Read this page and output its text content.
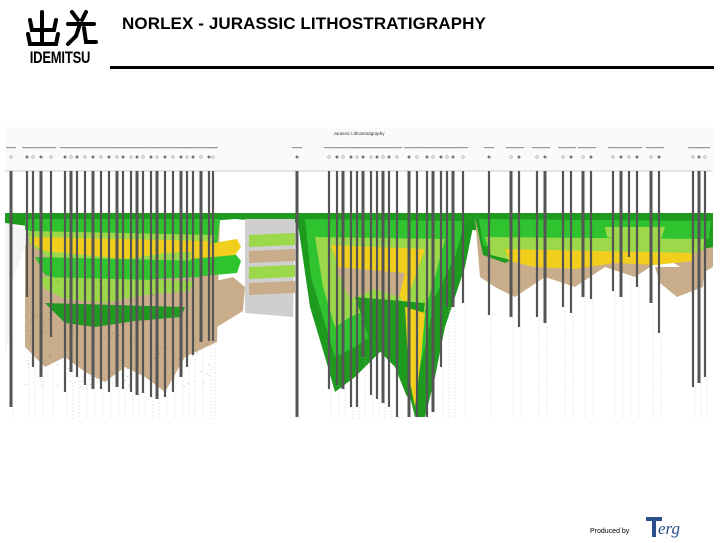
IDEMITSU
NORLEX - JURASSIC LITHOSTRATIGRAPHY
Jurassic Lithostratigraphy
Produced by erg
